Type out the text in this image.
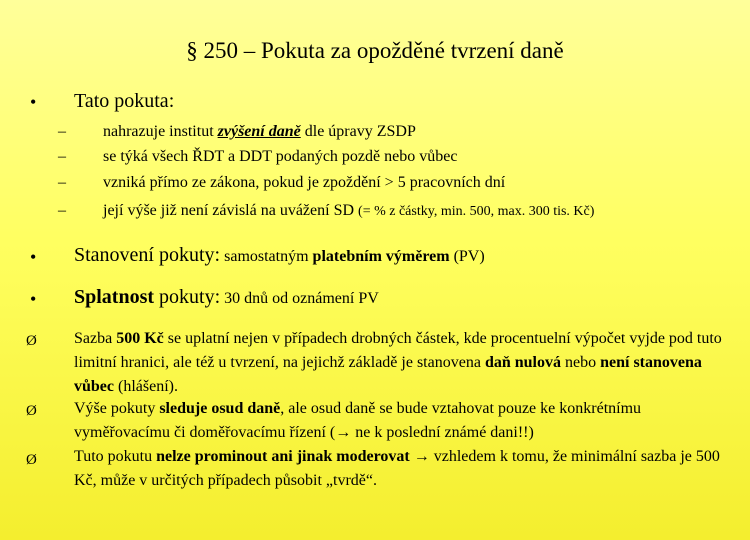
§ 250 – Pokuta za opožděné tvrzení daně
• Tato pokuta:
– nahrazuje institut zvýšení daně dle úpravy ZSDP
– se týká všech ŘDT a DDT podaných pozdě nebo vůbec
– vzniká přímo ze zákona, pokud je zpoždění > 5 pracovních dní
– její výše již není závislá na uvážení SD (= % z částky, min. 500, max. 300 tis. Kč)
• Stanovení pokuty: samostatným platebním výměrem (PV)
• Splatnost pokuty: 30 dnů od oznámení PV
Ø Sazba 500 Kč se uplatní nejen v případech drobných částek, kde procentuelní výpočet vyjde pod tuto limitní hranici, ale též u tvrzení, na jejichž základě je stanovena daň nulová nebo není stanovena vůbec (hlášení).
Ø Výše pokuty sleduje osud daně, ale osud daně se bude vztahovat pouze ke konkrétnímu vyměřovacímu či doměřovacímu řízení (→ ne k poslední známé dani!!)
Ø Tuto pokutu nelze prominout ani jinak moderovat → vzhledem k tomu, že minimální sazba je 500 Kč, může v určitých případech působit „tvrdě“.
